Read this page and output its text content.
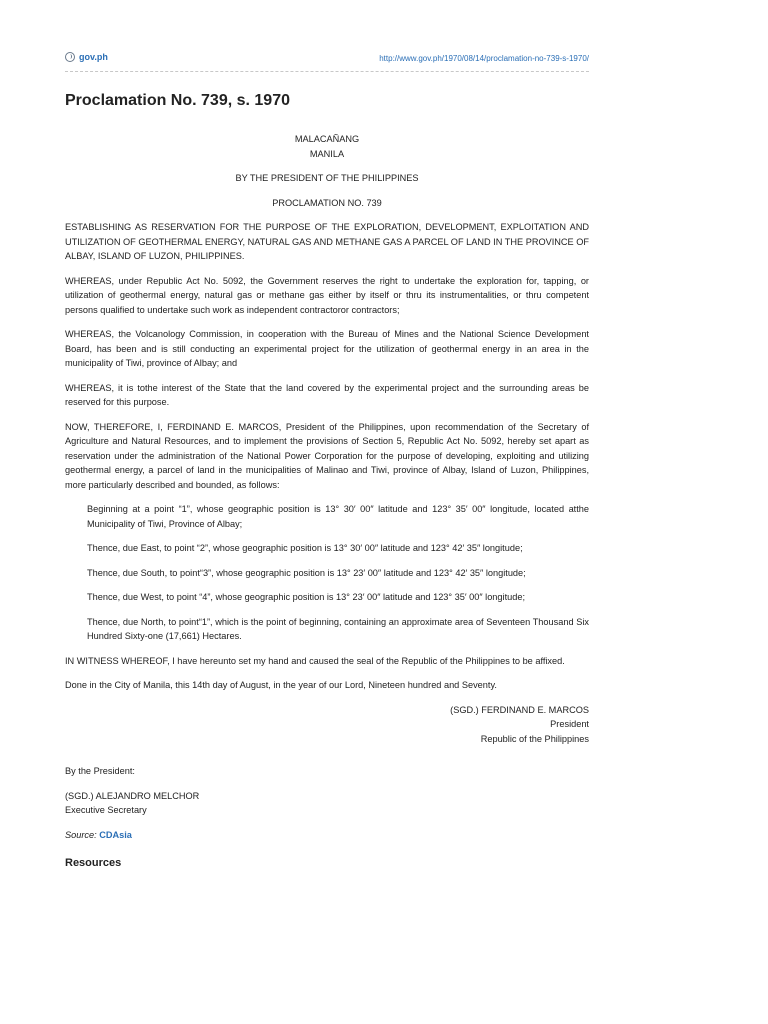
gov.ph	http://www.gov.ph/1970/08/14/proclamation-no-739-s-1970/
Proclamation No. 739, s. 1970
MALACAÑANG
MANILA

BY THE PRESIDENT OF THE PHILIPPINES

PROCLAMATION NO. 739

ESTABLISHING AS RESERVATION FOR THE PURPOSE OF THE EXPLORATION, DEVELOPMENT, EXPLOITATION AND UTILIZATION OF GEOTHERMAL ENERGY, NATURAL GAS AND METHANE GAS A PARCEL OF LAND IN THE PROVINCE OF ALBAY, ISLAND OF LUZON, PHILIPPINES.

WHEREAS, under Republic Act No. 5092, the Government reserves the right to undertake the exploration for, tapping, or utilization of geothermal energy, natural gas or methane gas either by itself or thru its instrumentalities, or thru competent persons qualified to undertake such work as independent contractoror contractors;

WHEREAS, the Volcanology Commission, in cooperation with the Bureau of Mines and the National Science Development Board, has been and is still conducting an experimental project for the utilization of geothermal energy in an area in the municipality of Tiwi, province of Albay; and

WHEREAS, it is tothe interest of the State that the land covered by the experimental project and the surrounding areas be reserved for this purpose.

NOW, THEREFORE, I, FERDINAND E. MARCOS, President of the Philippines, upon recommendation of the Secretary of Agriculture and Natural Resources, and to implement the provisions of Section 5, Republic Act No. 5092, hereby set apart as reservation under the administration of the National Power Corporation for the purpose of developing, exploiting and utilizing geothermal energy, a parcel of land in the municipalities of Malinao and Tiwi, province of Albay, Island of Luzon, Philippines, more particularly described and bounded, as follows:

Beginning at a point “1”, whose geographic position is 13° 30′ 00″ latitude and 123° 35′ 00″ longitude, located atthe Municipality of Tiwi, Province of Albay;

Thence, due East, to point “2”, whose geographic position is 13° 30′ 00″ latitude and 123° 42′ 35″ longitude;

Thence, due South, to point“3”, whose geographic position is 13° 23′ 00″ latitude and 123° 42′ 35″ longitude;

Thence, due West, to point “4”, whose geographic position is 13° 23′ 00″ latitude and 123° 35′ 00″ longitude;

Thence, due North, to point“1”, which is the point of beginning, containing an approximate area of Seventeen Thousand Six Hundred Sixty-one (17,661) Hectares.

IN WITNESS WHEREOF, I have hereunto set my hand and caused the seal of the Republic of the Philippines to be affixed.

Done in the City of Manila, this 14th day of August, in the year of our Lord, Nineteen hundred and Seventy.

(SGD.) FERDINAND E. MARCOS
President
Republic of the Philippines

By the President:

(SGD.) ALEJANDRO MELCHOR
Executive Secretary

Source: CDAsia

Resources
